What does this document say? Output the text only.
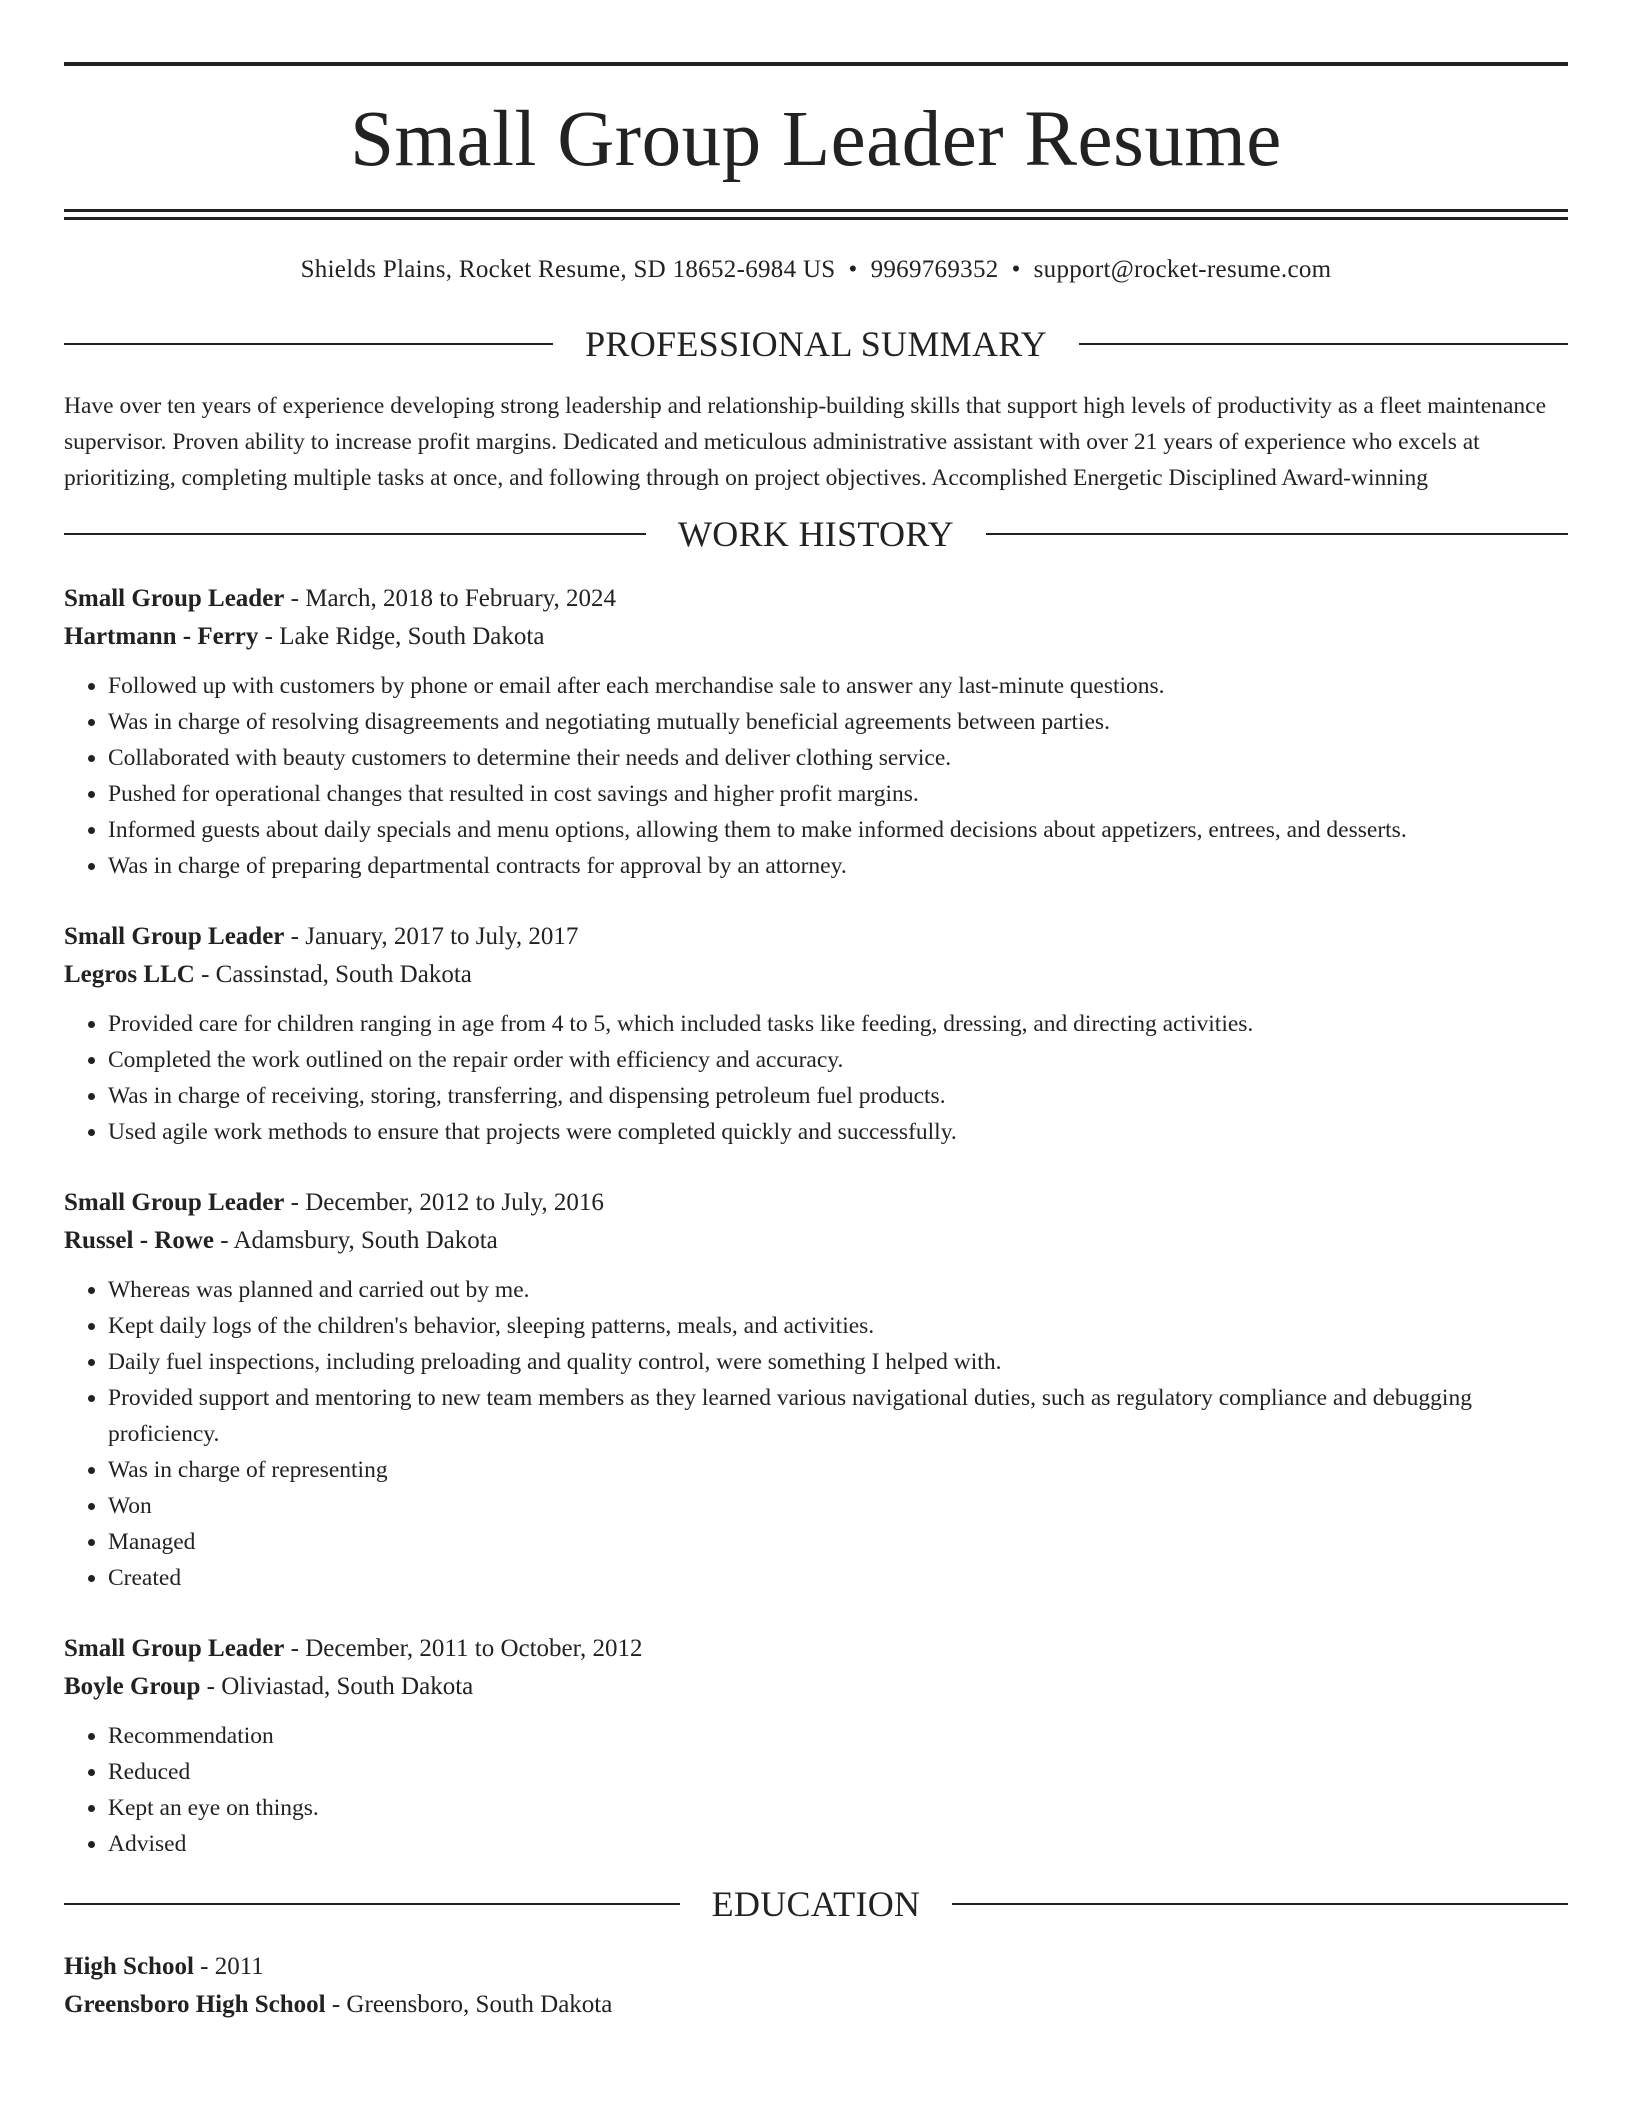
Small Group Leader Resume
Shields Plains, Rocket Resume, SD 18652-6984 US • 9969769352 • support@rocket-resume.com
PROFESSIONAL SUMMARY
Have over ten years of experience developing strong leadership and relationship-building skills that support high levels of productivity as a fleet maintenance supervisor. Proven ability to increase profit margins. Dedicated and meticulous administrative assistant with over 21 years of experience who excels at prioritizing, completing multiple tasks at once, and following through on project objectives. Accomplished Energetic Disciplined Award-winning
WORK HISTORY
Small Group Leader - March, 2018 to February, 2024
Hartmann - Ferry - Lake Ridge, South Dakota
• Followed up with customers by phone or email after each merchandise sale to answer any last-minute questions.
• Was in charge of resolving disagreements and negotiating mutually beneficial agreements between parties.
• Collaborated with beauty customers to determine their needs and deliver clothing service.
• Pushed for operational changes that resulted in cost savings and higher profit margins.
• Informed guests about daily specials and menu options, allowing them to make informed decisions about appetizers, entrees, and desserts.
• Was in charge of preparing departmental contracts for approval by an attorney.
Small Group Leader - January, 2017 to July, 2017
Legros LLC - Cassinstad, South Dakota
• Provided care for children ranging in age from 4 to 5, which included tasks like feeding, dressing, and directing activities.
• Completed the work outlined on the repair order with efficiency and accuracy.
• Was in charge of receiving, storing, transferring, and dispensing petroleum fuel products.
• Used agile work methods to ensure that projects were completed quickly and successfully.
Small Group Leader - December, 2012 to July, 2016
Russel - Rowe - Adamsbury, South Dakota
• Whereas was planned and carried out by me.
• Kept daily logs of the children's behavior, sleeping patterns, meals, and activities.
• Daily fuel inspections, including preloading and quality control, were something I helped with.
• Provided support and mentoring to new team members as they learned various navigational duties, such as regulatory compliance and debugging proficiency.
• Was in charge of representing
• Won
• Managed
• Created
Small Group Leader - December, 2011 to October, 2012
Boyle Group - Oliviastad, South Dakota
• Recommendation
• Reduced
• Kept an eye on things.
• Advised
EDUCATION
High School - 2011
Greensboro High School - Greensboro, South Dakota
